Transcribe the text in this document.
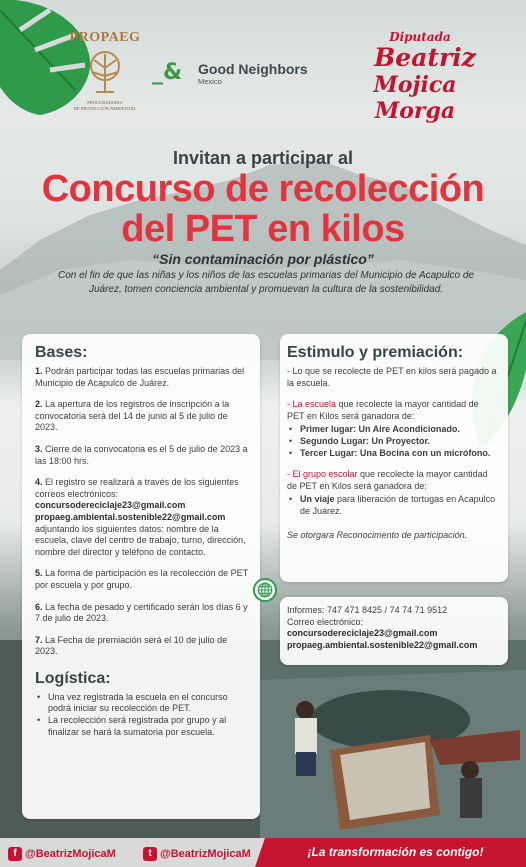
PROPAEG
PROCURADURIA
DE PROTECCIÓN AMBIENTAL
_& Good Neighbors
Mexico
Diputada
Beatriz
Mojica Morga
Invitan a participar al
Concurso de recolección
del PET en kilos
“Sin contaminación por plástico”
Con el fin de que las niñas y los niños de las escuelas primarias del Municipio de Acapulco de Juárez, tomen conciencia ambiental y promuevan la cultura de la sostenibilidad.
Bases:
1. Podrán participar todas las escuelas primarias del Municipio de Acapulco de Juárez.
2. La apertura de los registros de inscripción a la convocatoria será del 14 de junio al 5 de julio de 2023.
3. Cierre de la convocatoria es el 5 de julio de 2023 a las 18:00 hrs.
4. El registro se realizará a través de los siguientes correos electrónicos:
concursodereciclaje23@gmail.com
propaeg.ambiental.sostenible22@gmail.com
adjuntando los siguientes datos: nombre de la escuela, clave del centro de trabajo, turno, dirección, nombre del director y teléfono de contacto.
5. La forma de participación es la recolección de PET por escuela y por grupo.
6. La fecha de pesado y certificado serán los días 6 y 7 de julio de 2023.
7. La Fecha de premiación será el 10 de julio de 2023.
Logística:
• Una vez registrada la escuela en el concurso podrá iniciar su recolección de PET.
• La recolección será registrada por grupo y al finalizar se hará la sumatoria por escuela.
Estimulo y premiación:
- Lo que se recolecte de PET en kilos será pagado a la escuela.
- La escuela que recolecte la mayor cantidad de PET en Kilos será ganadora de:
• Primer lugar: Un Aire Acondicionado.
• Segundo Lugar: Un Proyector.
• Tercer Lugar: Una Bocina con un micrófono.
- El grupo escolar que recolecte la mayor cantidad de PET en Kilos será ganadora de:
• Un viaje para liberación de tortugas en Acapulco de Juárez.
Se otorgara Reconocimento de participación.
Informes: 747 471 8425 / 74 74 71 9512
Correo electrónico:
concursodereciclaje23@gmail.com
propaeg.ambiental.sostenible22@gmail.com
f @BeatrizMojicaM	t @BeatrizMojicaM	¡La transformación es contigo!
